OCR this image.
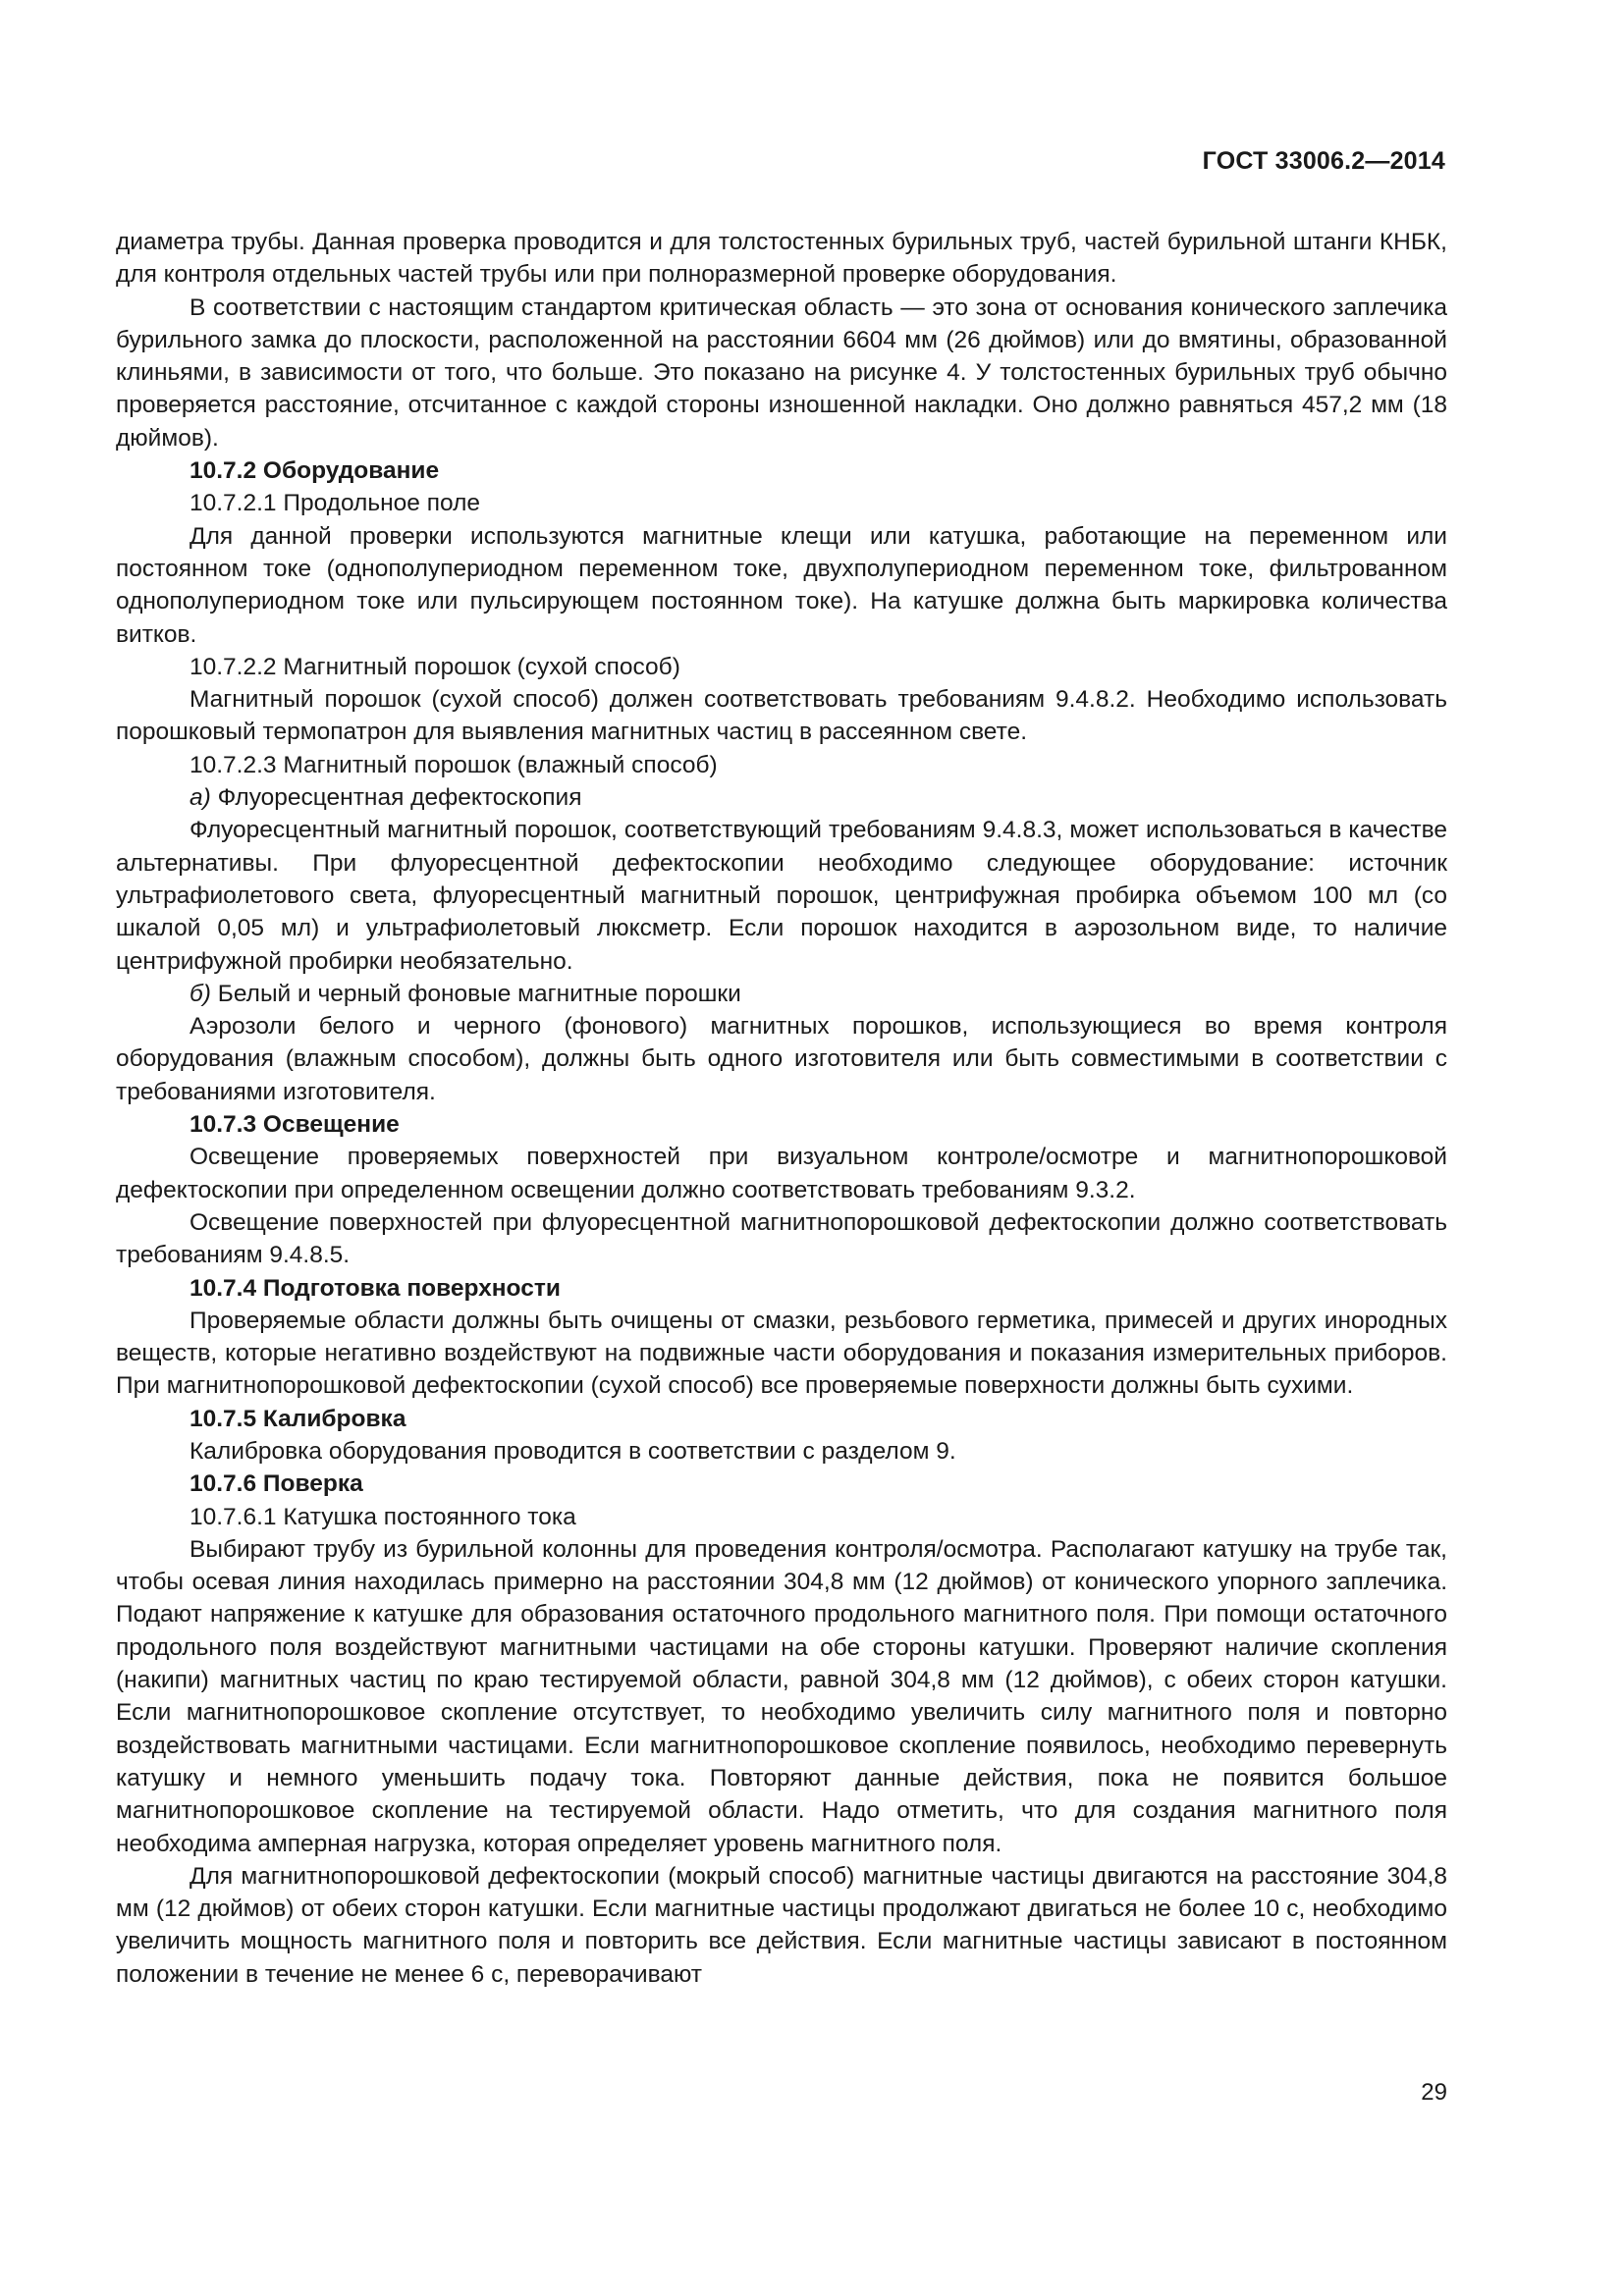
ГОСТ 33006.2—2014

диаметра трубы. Данная проверка проводится и для толстостенных бурильных труб, частей бурильной штанги КНБК, для контроля отдельных частей трубы или при полноразмерной проверке оборудования.

В соответствии с настоящим стандартом критическая область — это зона от основания конического заплечика бурильного замка до плоскости, расположенной на расстоянии 6604 мм (26 дюймов) или до вмятины, образованной клиньями, в зависимости от того, что больше. Это показано на рисунке 4. У толстостенных бурильных труб обычно проверяется расстояние, отсчитанное с каждой стороны изношенной накладки. Оно должно равняться 457,2 мм (18 дюймов).

10.7.2 Оборудование

10.7.2.1 Продольное поле

Для данной проверки используются магнитные клещи или катушка, работающие на переменном или постоянном токе (однополупериодном переменном токе, двухполупериодном переменном токе, фильтрованном однополупериодном токе или пульсирующем постоянном токе). На катушке должна быть маркировка количества витков.

10.7.2.2 Магнитный порошок (сухой способ)

Магнитный порошок (сухой способ) должен соответствовать требованиям 9.4.8.2. Необходимо использовать порошковый термопатрон для выявления магнитных частиц в рассеянном свете.

10.7.2.3 Магнитный порошок (влажный способ)

а) Флуоресцентная дефектоскопия

Флуоресцентный магнитный порошок, соответствующий требованиям 9.4.8.3, может использоваться в качестве альтернативы. При флуоресцентной дефектоскопии необходимо следующее оборудование: источник ультрафиолетового света, флуоресцентный магнитный порошок, центрифужная пробирка объемом 100 мл (со шкалой 0,05 мл) и ультрафиолетовый люксметр. Если порошок находится в аэрозольном виде, то наличие центрифужной пробирки необязательно.

б) Белый и черный фоновые магнитные порошки

Аэрозоли белого и черного (фонового) магнитных порошков, использующиеся во время контроля оборудования (влажным способом), должны быть одного изготовителя или быть совместимыми в соответствии с требованиями изготовителя.

10.7.3 Освещение

Освещение проверяемых поверхностей при визуальном контроле/осмотре и магнитнопорошковой дефектоскопии при определенном освещении должно соответствовать требованиям 9.3.2.

Освещение поверхностей при флуоресцентной магнитнопорошковой дефектоскопии должно соответствовать требованиям 9.4.8.5.

10.7.4 Подготовка поверхности

Проверяемые области должны быть очищены от смазки, резьбового герметика, примесей и других инородных веществ, которые негативно воздействуют на подвижные части оборудования и показания измерительных приборов. При магнитнопорошковой дефектоскопии (сухой способ) все проверяемые поверхности должны быть сухими.

10.7.5 Калибровка

Калибровка оборудования проводится в соответствии с разделом 9.

10.7.6 Поверка

10.7.6.1 Катушка постоянного тока

Выбирают трубу из бурильной колонны для проведения контроля/осмотра. Располагают катушку на трубе так, чтобы осевая линия находилась примерно на расстоянии 304,8 мм (12 дюймов) от конического упорного заплечика. Подают напряжение к катушке для образования остаточного продольного магнитного поля. При помощи остаточного продольного поля воздействуют магнитными частицами на обе стороны катушки. Проверяют наличие скопления (накипи) магнитных частиц по краю тестируемой области, равной 304,8 мм (12 дюймов), с обеих сторон катушки. Если магнитнопорошковое скопление отсутствует, то необходимо увеличить силу магнитного поля и повторно воздействовать магнитными частицами. Если магнитнопорошковое скопление появилось, необходимо перевернуть катушку и немного уменьшить подачу тока. Повторяют данные действия, пока не появится большое магнитнопорошковое скопление на тестируемой области. Надо отметить, что для создания магнитного поля необходима амперная нагрузка, которая определяет уровень магнитного поля.

Для магнитнопорошковой дефектоскопии (мокрый способ) магнитные частицы двигаются на расстояние 304,8 мм (12 дюймов) от обеих сторон катушки. Если магнитные частицы продолжают двигаться не более 10 с, необходимо увеличить мощность магнитного поля и повторить все действия. Если магнитные частицы зависают в постоянном положении в течение не менее 6 с, переворачивают

29
